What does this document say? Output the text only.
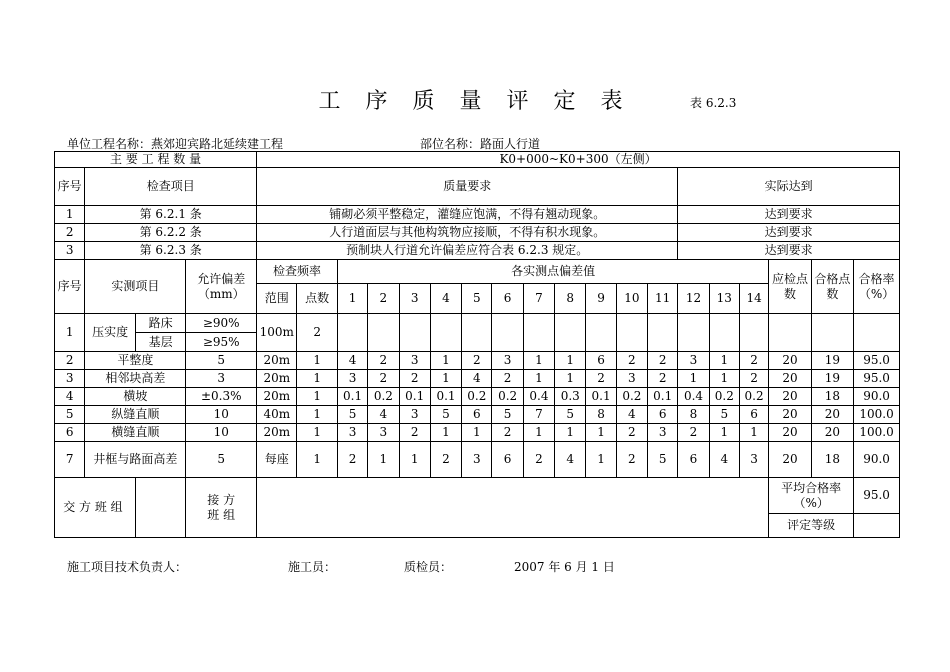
工 序 质 量 评 定 表	表 6.2.3
单位工程名称：燕郊迎宾路北延续建工程	部位名称：路面人行道
主 要 工 程 数 量				K0+000~K0+300（左侧）																		
序号	检查项目			质量要求													实际达到					
1	第 6.2.1 条			铺砌必须平整稳定，灌缝应饱满，不得有翘动现象。													达到要求					
2	第 6.2.2 条			人行道面层与其他构筑物应接顺，不得有积水现象。													达到要求					
3	第 6.2.3 条			预制块人行道允许偏差应符合表 6.2.3 规定。													达到要求					
序号	实测项目		允许偏差（mm）	检查频率		各实测点偏差值														应检点数	合格点数	合格率（%）
				范围	点数	1	2	3	4	5	6	7	8	9	10	11	12	13	14			
1	压实度	路床	≥90%	100m	2																	
		基层	≥95%																			
2	平整度		5	20m	1	4	2	3	1	2	3	1	1	6	2	2	3	1	2	20	19	95.0
3	相邻块高差		3	20m	1	3	2	2	1	4	2	1	1	2	3	2	1	1	2	20	19	95.0
4	横坡		±0.3%	20m	1	0.1	0.2	0.1	0.1	0.2	0.2	0.4	0.3	0.1	0.2	0.1	0.4	0.2	0.2	20	18	90.0
5	纵缝直顺		10	40m	1	5	4	3	5	6	5	7	5	8	4	6	8	5	6	20	20	100.0
6	横缝直顺		10	20m	1	3	3	2	1	1	2	1	1	1	2	3	2	1	1	20	20	100.0
7	井框与路面高差		5	每座	1	2	1	1	2	3	6	2	4	1	2	5	6	4	3	20	18	90.0
交 方 班 组			接 方 班 组																	平均合格率（%）		95.0
																				评定等级		
施工项目技术负责人：	施工员：	质检员：	2007 年 6 月 1 日
